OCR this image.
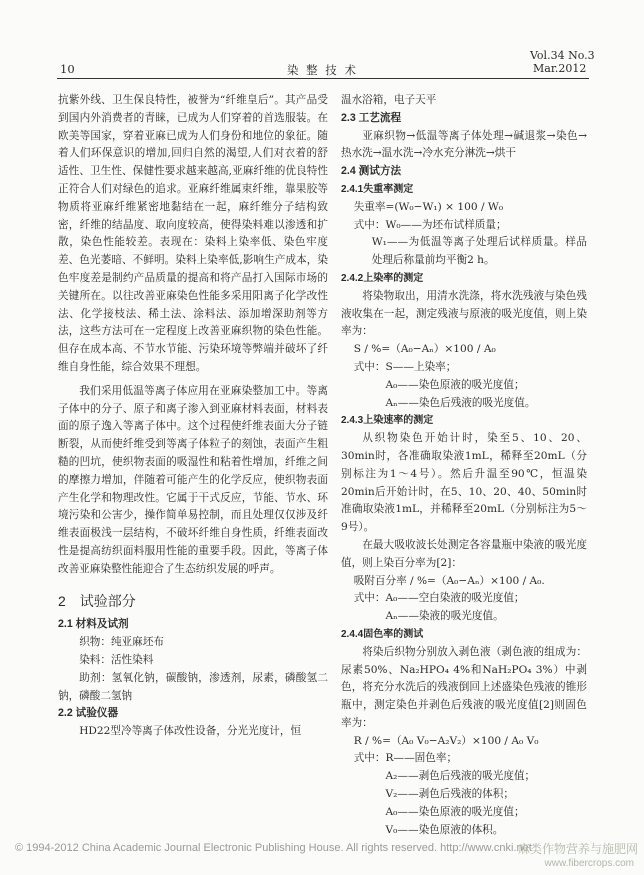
10	染 整 技 术
Vol.34 No.3
Mar.2012

抗紫外线、卫生保良特性，被誉为“纤维皇后”。其产品受到国内外消费者的青睐，已成为人们穿着的首选服装。在欧美等国家，穿着亚麻已成为人们身份和地位的象征。随着人们环保意识的增加,回归自然的渴望,人们对衣着的舒适性、卫生性、保健性要求越来越高,亚麻纤维的优良特性正符合人们对绿色的追求。亚麻纤维属束纤维，靠果胶等物质将亚麻纤维紧密地黏结在一起，麻纤维分子结构致密，纤维的结晶度、取向度较高，使得染料难以渗透和扩散，染色性能较差。表现在：染料上染率低、染色牢度差、色光萎暗、不鲜明。染料上染率低,影响生产成本，染色牢度差是制约产品质量的提高和将产品打入国际市场的关键所在。以往改善亚麻染色性能多采用阳离子化学改性法、化学接枝法、稀土法、涂料法、添加增深助剂等方法，这些方法可在一定程度上改善亚麻织物的染色性能。但存在成本高、不节水节能、污染环境等弊端并破坏了纤维自身性能，综合效果不理想。

我们采用低温等离子体应用在亚麻染整加工中。等离子体中的分子、原子和离子渗入到亚麻材料表面，材料表面的原子逸入等离子体中。这个过程使纤维表面大分子链断裂，从而使纤维受到等离子体粒子的刻蚀，表面产生粗糙的凹坑，使织物表面的吸湿性和粘着性增加，纤维之间的摩擦力增加，伴随着可能产生的化学反应，使织物表面产生化学和物理改性。它属于干式反应，节能、节水、环境污染和公害少，操作简单易控制，而且处理仅仅涉及纤维表面极浅一层结构，不破坏纤维自身性质，纤维表面改性是提高纺织面料服用性能的重要手段。因此，等离子体改善亚麻染整性能迎合了生态纺织发展的呼声。

2　试验部分

2.1 材料及试剂

织物：纯亚麻坯布

染料：活性染料

助剂：氢氧化钠，碳酸钠，渗透剂，尿素，磷酸氢二钠，磷酸二氢钠

2.2 试验仪器

HD22型冷等离子体改性设备，分光光度计，恒

温水浴箱，电子天平

2.3 工艺流程

亚麻织物→低温等离子体处理→碱退浆→染色→热水洗→温水洗→冷水充分淋洗→烘干

2.4 测试方法

2.4.1失重率测定

失重率=(W₀−W₁) × 100 / W₀

式中：W₀——为坯布试样质量；

W₁——为低温等离子处理后试样质量。样品处理后称量前均平衡2 h。

2.4.2上染率的测定

将染物取出，用清水洗涤，将水洗残液与染色残液收集在一起，测定残液与原液的吸光度值，则上染率为：

S / %=（A₀−Aₙ）×100 / A₀

式中：S——上染率；

A₀——染色原液的吸光度值；

Aₙ——染色后残液的吸光度值。

2.4.3上染速率的测定

从织物染色开始计时，染至5、10、20、30min时，各准确取染液1mL，稀释至20mL（分别标注为1～4号）。然后升温至90℃，恒温染20min后开始计时，在5、10、20、40、50min时准确取染液1mL，并稀释至20mL（分别标注为5～9号）。

在最大吸收波长处测定各容量瓶中染液的吸光度值，则上染百分率为[2]：

吸附百分率 / %=（A₀−Aₙ）×100 / A₀.

式中：A₀——空白染液的吸光度值；

Aₙ——染液的吸光度值。

2.4.4固色率的测试

将染后织物分别放入剥色液（剥色液的组成为：尿素50%、Na₂HPO₄ 4%和NaH₂PO₄ 3%）中剥色，将充分水洗后的残液倒回上述盛染色残液的锥形瓶中，测定染色并剥色后残液的吸光度值[2]则固色率为：

R / %=（A₀ V₀−A₂V₂）×100 / A₀ V₀

式中：R——固色率；

A₂——剥色后残液的吸光度值；

V₂——剥色后残液的体积；

A₀——染色原液的吸光度值；

V₀——染色原液的体积。

© 1994-2012 China Academic Journal Electronic Publishing House. All rights reserved. http://www.cnki.net
麻类作物营养与施肥网
www.fibercrops.com
